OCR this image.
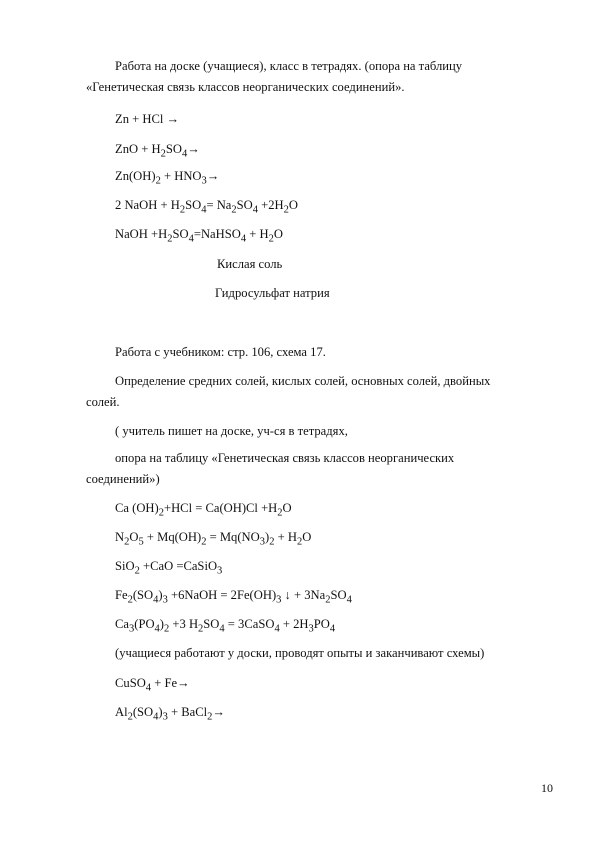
Работа на доске (учащиеся), класс в тетрадях. (опора на таблицу
«Генетическая связь классов неорганических соединений».
Zn + HCl →
ZnO + $H_2SO_4\to$
$Zn(OH)_2 + HNO_3\to$
2 NaOH + $H_2SO_4= Na_2SO_4 +2H_2O$
NaOH $+H_2SO_4=NaHSO_4 + H_2O$
Кислая соль
Гидросульфат натрия
Работа с учебником: стр. 106, схема 17.
Определение средних солей, кислых солей, основных солей, двойных
солей.
( учитель пишет на доске, уч-ся в тетрадях,
опора на таблицу «Генетическая связь классов неорганических
соединений»)
Ca $(OH)_2+HCl = Ca(OH)Cl +H_2O$
$N_2O_5 + Mq(OH)_2 = Mq(NO_3)_2 + H_2O$
SiO$_2$ +CaO =CaSiO$_3$
$Fe_2(SO_4)_3$ +6NaOH = $2Fe(OH)_3$ ↓ + $3Na_2SO_4$
$Ca_3(PO_4)_2 +3$ $H_2SO_4$ = 3CaSO$_4$ + $2H_3PO_4$
(учащиеся работают у доски, проводят опыты и заканчивают схемы)
CuSO$_4$ + Fe→
$Al_2(SO_4)_3$ + BaCl$_2$→
10
